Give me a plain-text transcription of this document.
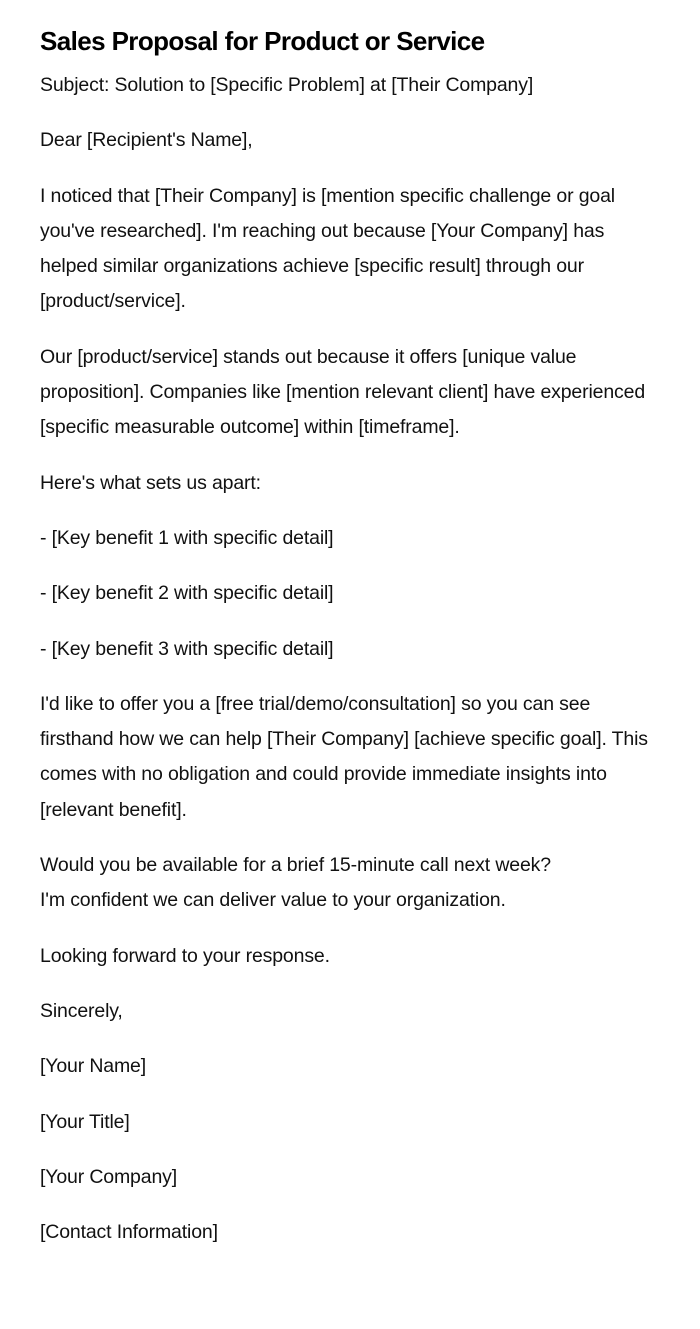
Sales Proposal for Product or Service

Subject: Solution to [Specific Problem] at [Their Company]

Dear [Recipient's Name],

I noticed that [Their Company] is [mention specific challenge or goal you've researched]. I'm reaching out because [Your Company] has helped similar organizations achieve [specific result] through our [product/service].

Our [product/service] stands out because it offers [unique value proposition]. Companies like [mention relevant client] have experienced [specific measurable outcome] within [timeframe].

Here's what sets us apart:

- [Key benefit 1 with specific detail]

- [Key benefit 2 with specific detail]

- [Key benefit 3 with specific detail]

I'd like to offer you a [free trial/demo/consultation] so you can see firsthand how we can help [Their Company] [achieve specific goal]. This comes with no obligation and could provide immediate insights into [relevant benefit].

Would you be available for a brief 15-minute call next week?
I'm confident we can deliver value to your organization.

Looking forward to your response.

Sincerely,

[Your Name]

[Your Title]

[Your Company]

[Contact Information]
